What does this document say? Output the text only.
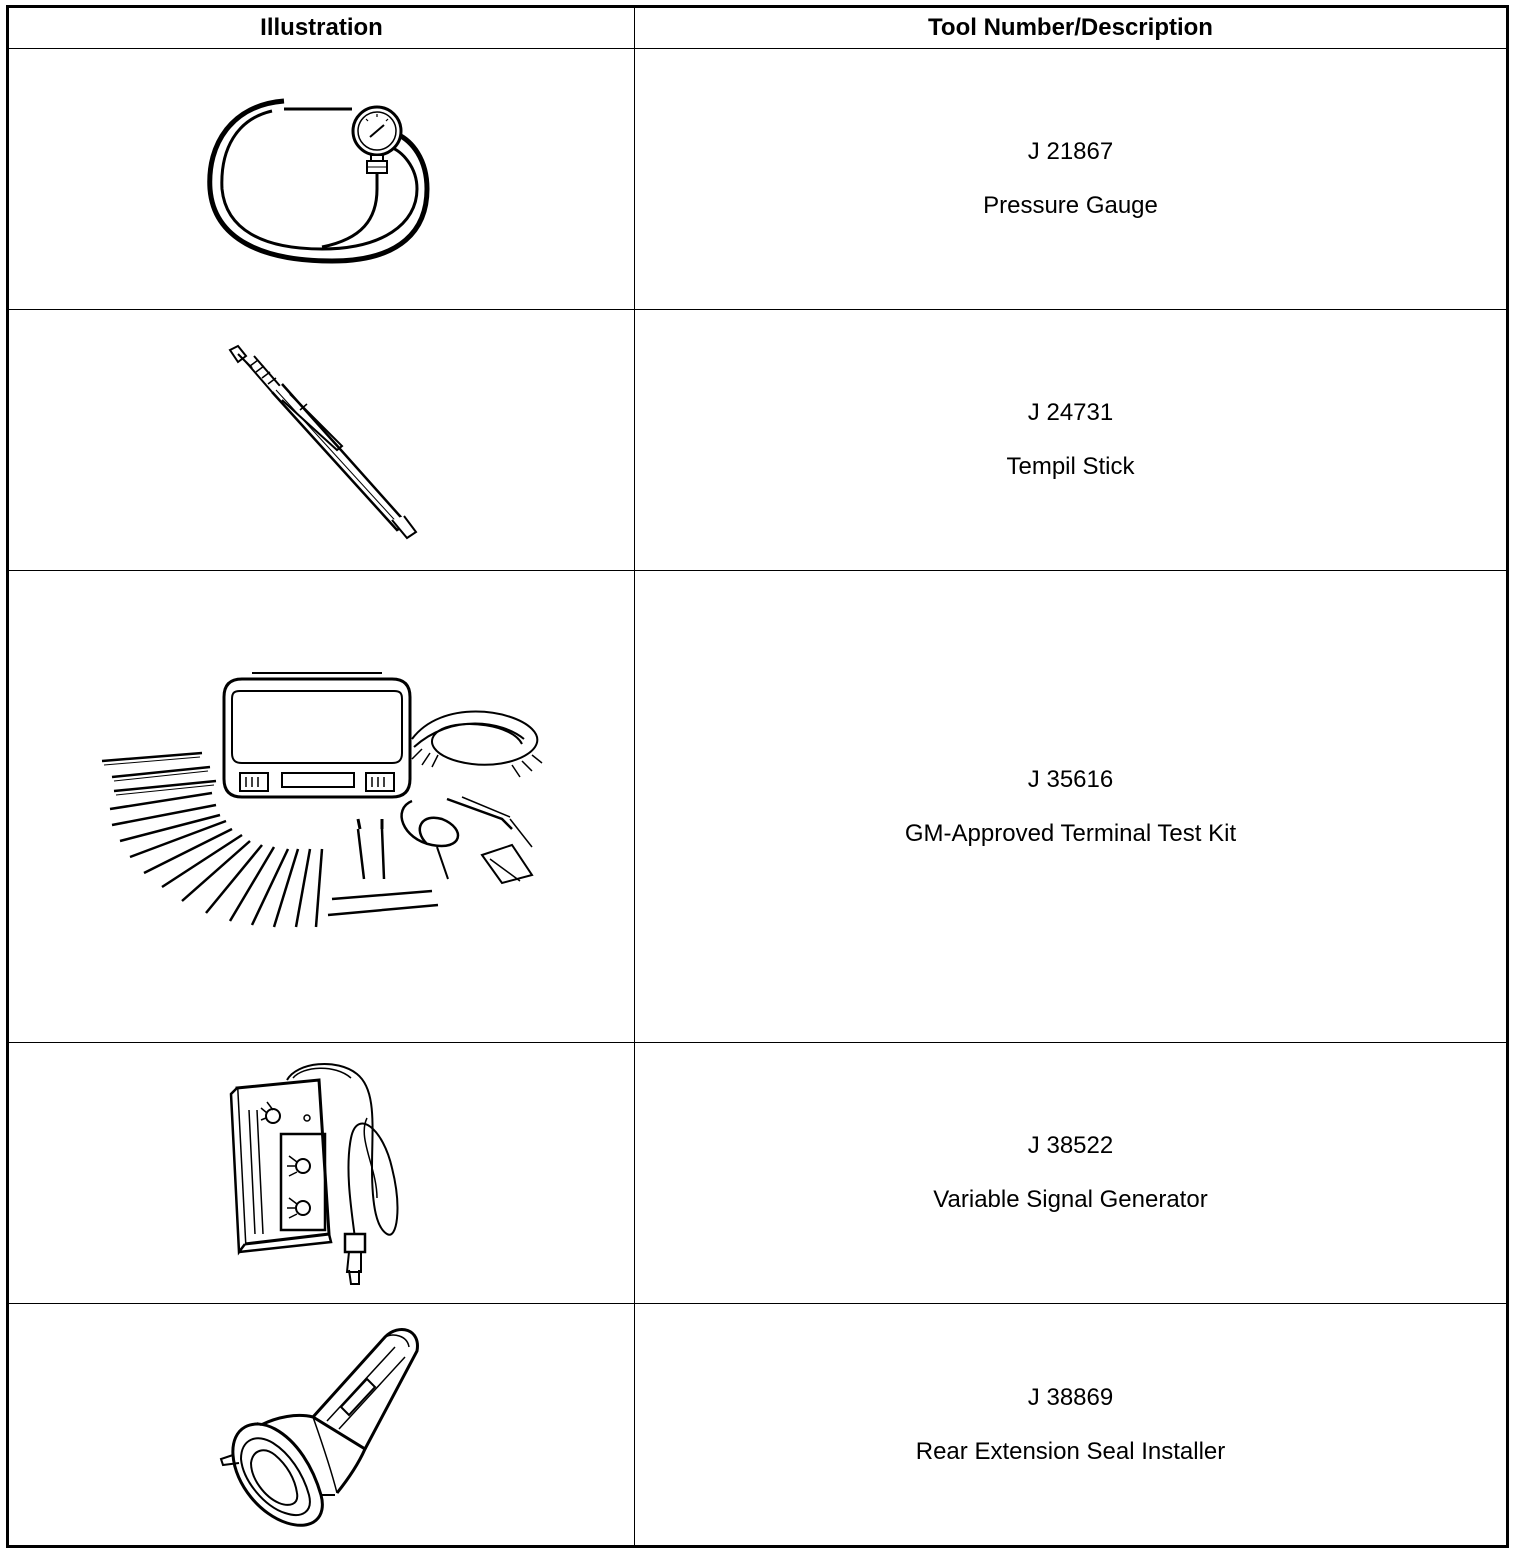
Illustration	Tool Number/Description

J 21867
Pressure Gauge

J 24731
Tempil Stick

J 35616
GM-Approved Terminal Test Kit

J 38522
Variable Signal Generator

J 38869
Rear Extension Seal Installer
